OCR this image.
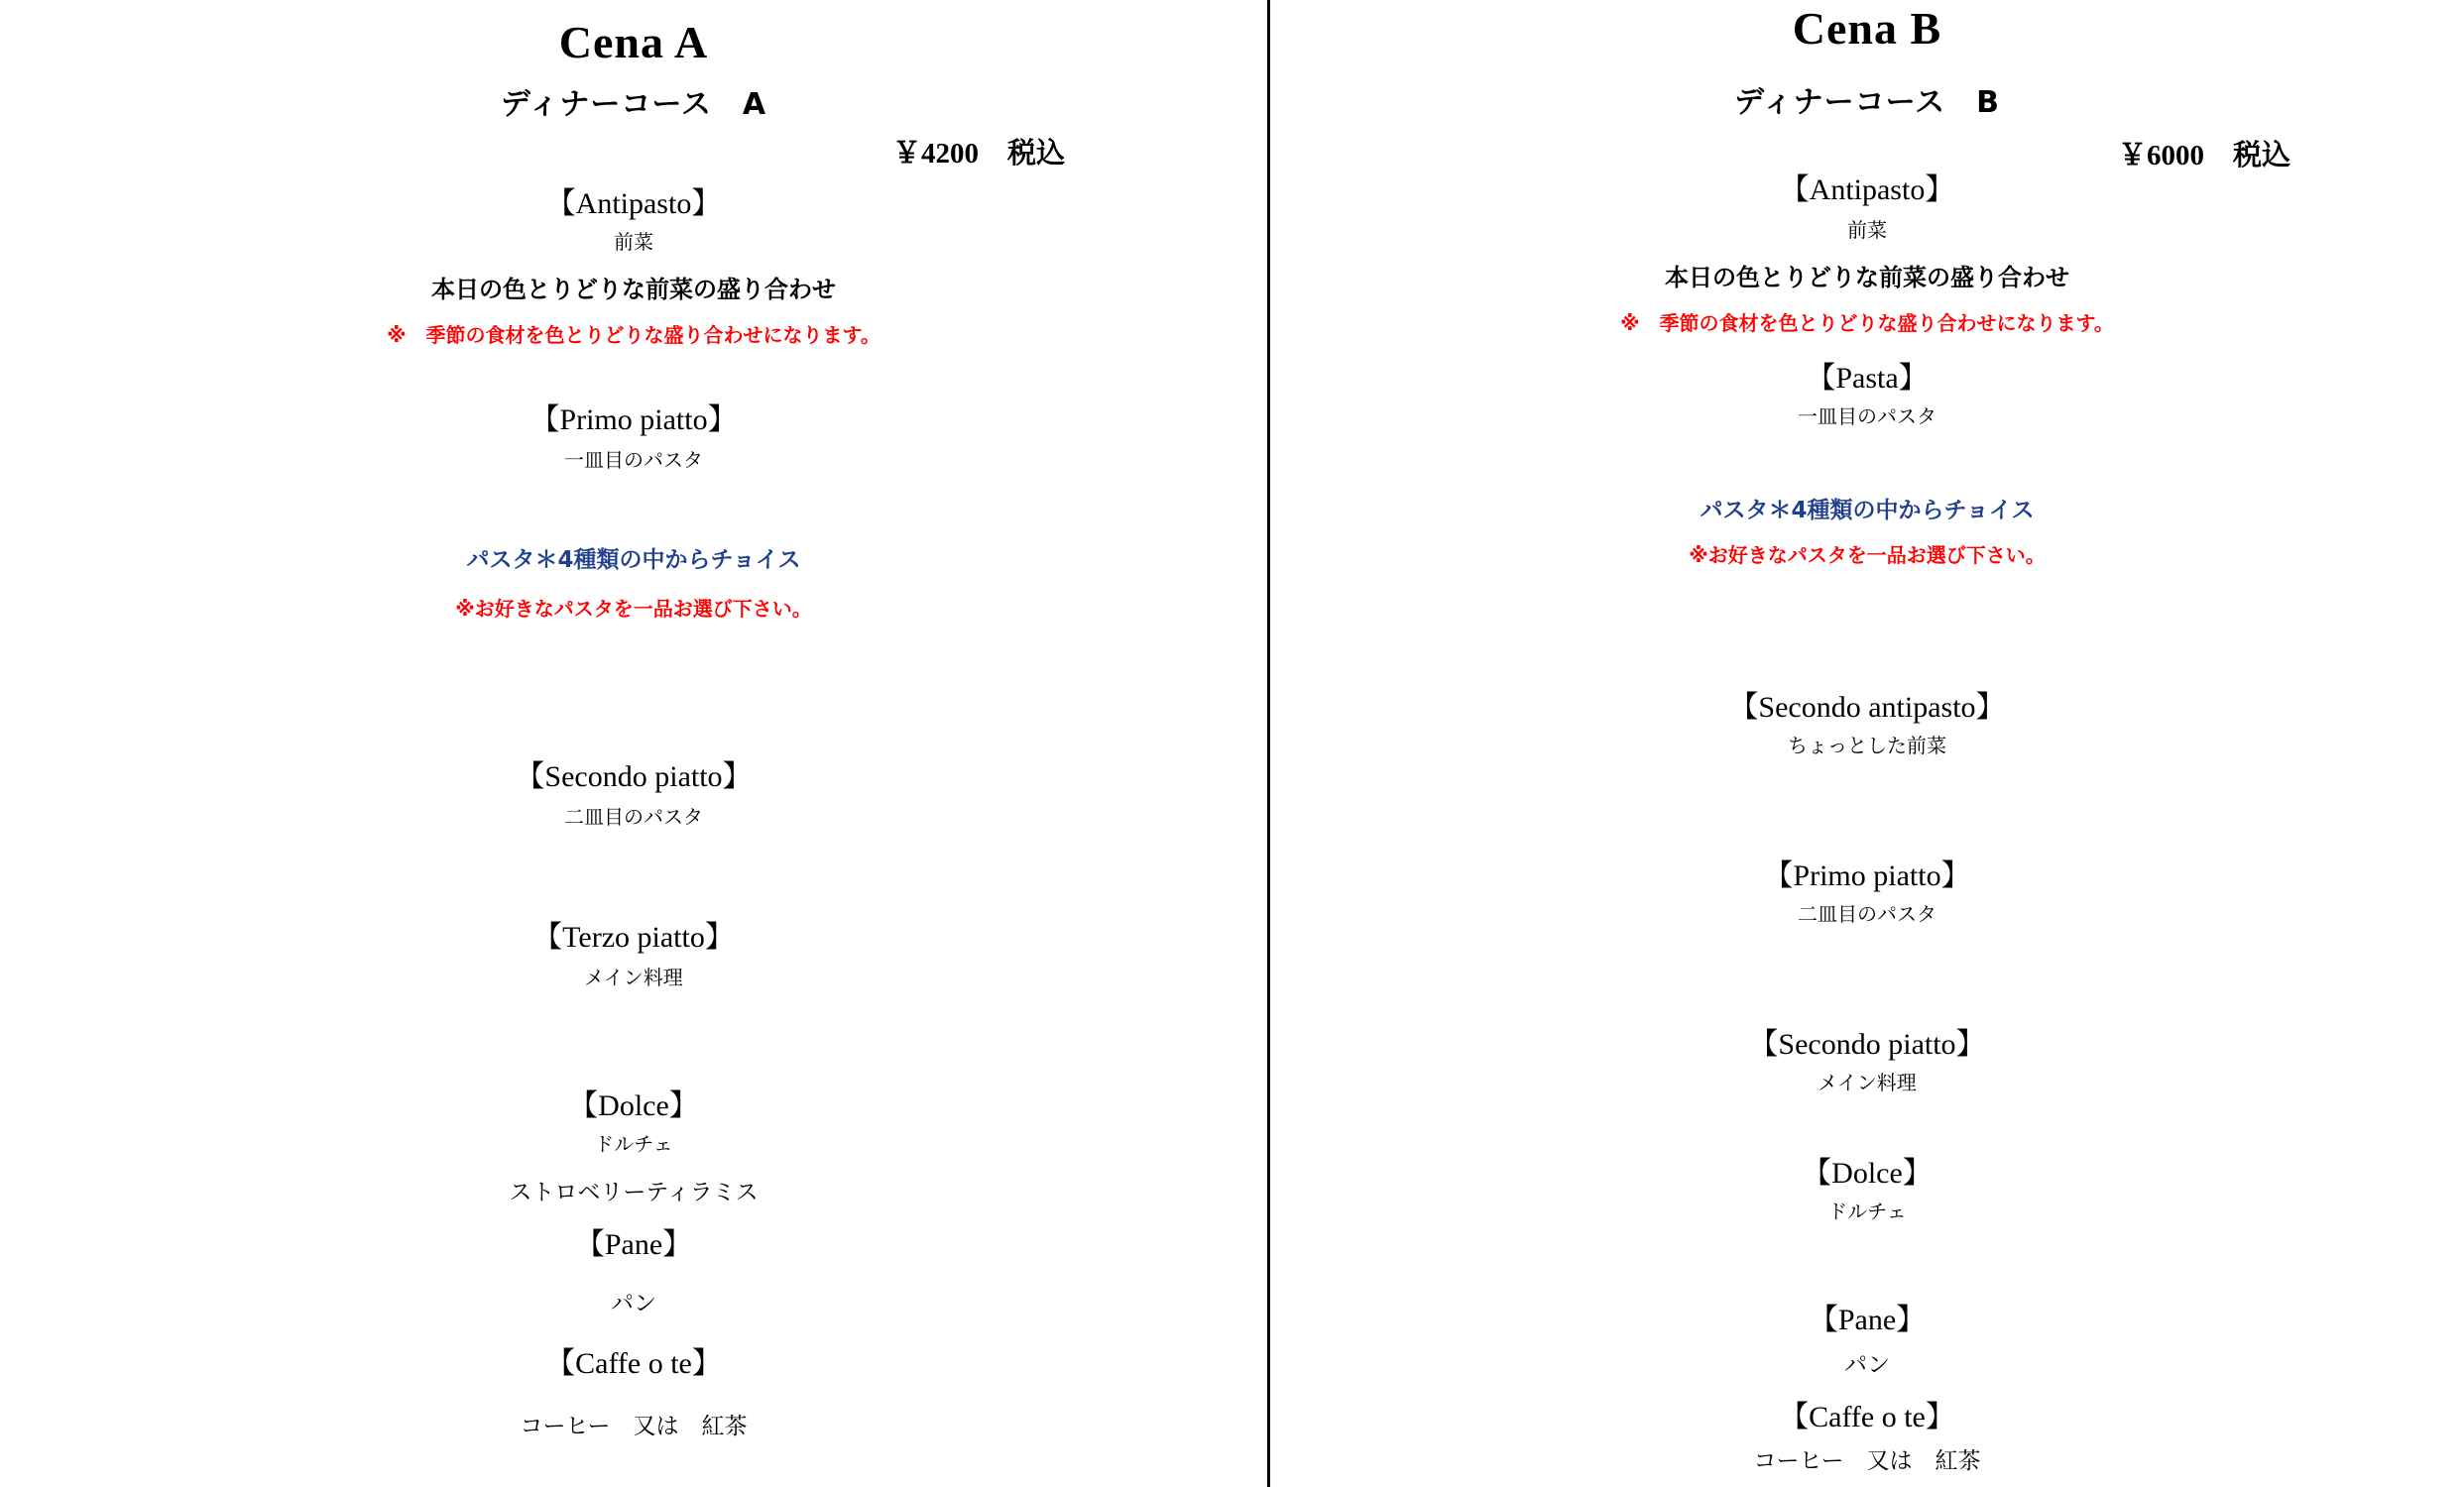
Cena A
ディナーコース　A
￥4200　税込
【Antipasto】
前菜
本日の色とりどりな前菜の盛り合わせ
※　季節の食材を色とりどりな盛り合わせになります。
【Primo piatto】
一皿目のパスタ
パスタ＊4種類の中からチョイス
※お好きなパスタを一品お選び下さい。
【Secondo piatto】
二皿目のパスタ
【Terzo piatto】
メイン料理
【Dolce】
ドルチェ
ストロベリーティラミス
【Pane】
パン
【Caffe o te】
コーヒー　又は　紅茶
Cena B
ディナーコース　B
￥6000　税込
【Antipasto】
前菜
本日の色とりどりな前菜の盛り合わせ
※　季節の食材を色とりどりな盛り合わせになります。
【Pasta】
一皿目のパスタ
パスタ＊4種類の中からチョイス
※お好きなパスタを一品お選び下さい。
【Secondo antipasto】
ちょっとした前菜
【Primo piatto】
二皿目のパスタ
【Secondo piatto】
メイン料理
【Dolce】
ドルチェ
【Pane】
パン
【Caffe o te】
コーヒー　又は　紅茶
